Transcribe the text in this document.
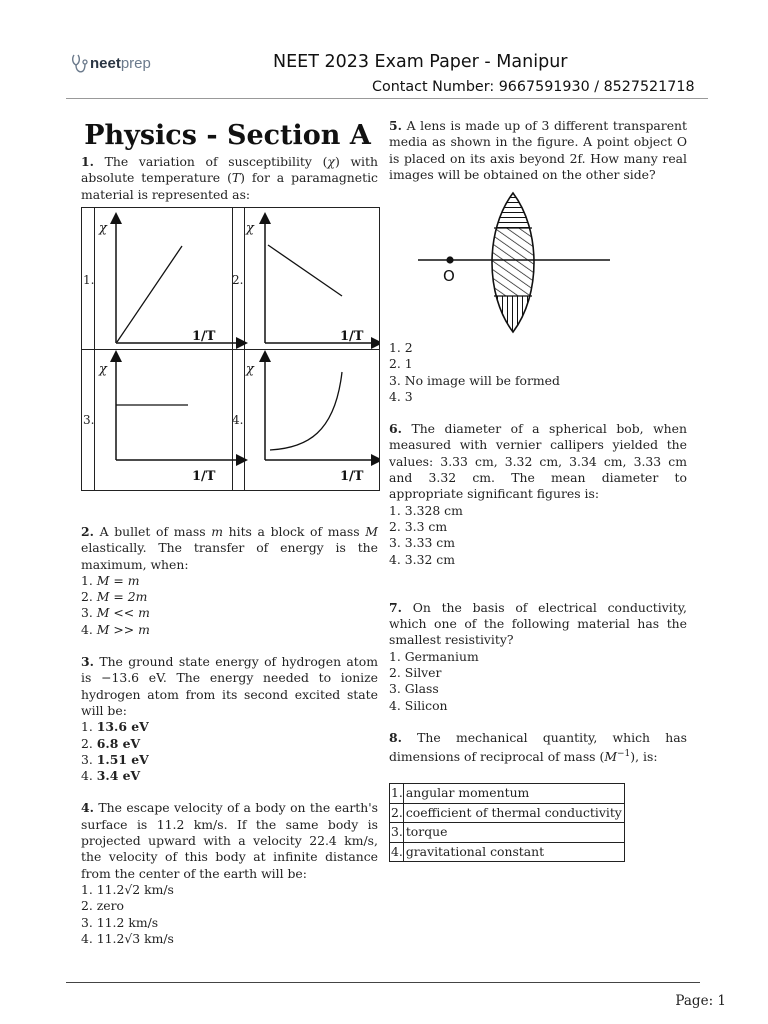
neet prep	NEET 2023 Exam Paper - Manipur
Contact Number: 9667591930 / 8527521718
Physics - Section A
1. The variation of susceptibility (χ) with absolute temperature (T) for a paramagnetic material is represented as:
1.	2.
3.	4.
χ
1/T
χ
1/T
χ
1/T
χ
1/T
2. A bullet of mass m hits a block of mass M elastically. The transfer of energy is the maximum, when:
1. M = m
2. M = 2m
3. M << m
4. M >> m
3. The ground state energy of hydrogen atom is −13.6 eV. The energy needed to ionize hydrogen atom from its second excited state will be:
1. 13.6 eV
2. 6.8 eV
3. 1.51 eV
4. 3.4 eV
4. The escape velocity of a body on the earth's surface is 11.2 km/s. If the same body is projected upward with a velocity 22.4 km/s, the velocity of this body at infinite distance from the center of the earth will be:
1. 11.2√2 km/s
2. zero
3. 11.2 km/s
4. 11.2√3 km/s
5. A lens is made up of 3 different transparent media as shown in the figure. A point object O is placed on its axis beyond 2f. How many real images will be obtained on the other side?
O
1. 2
2. 1
3. No image will be formed
4. 3
6. The diameter of a spherical bob, when measured with vernier callipers yielded the values: 3.33 cm, 3.32 cm, 3.34 cm, 3.33 cm and 3.32 cm. The mean diameter to appropriate significant figures is:
1. 3.328 cm
2. 3.3 cm
3. 3.33 cm
4. 3.32 cm
7. On the basis of electrical conductivity, which one of the following material has the smallest resistivity?
1. Germanium
2. Silver
3. Glass
4. Silicon
8. The mechanical quantity, which has dimensions of reciprocal of mass $(M^{-1})$, is:
1.	angular momentum
2.	coefficient of thermal conductivity
3.	torque
4.	gravitational constant
Page: 1
